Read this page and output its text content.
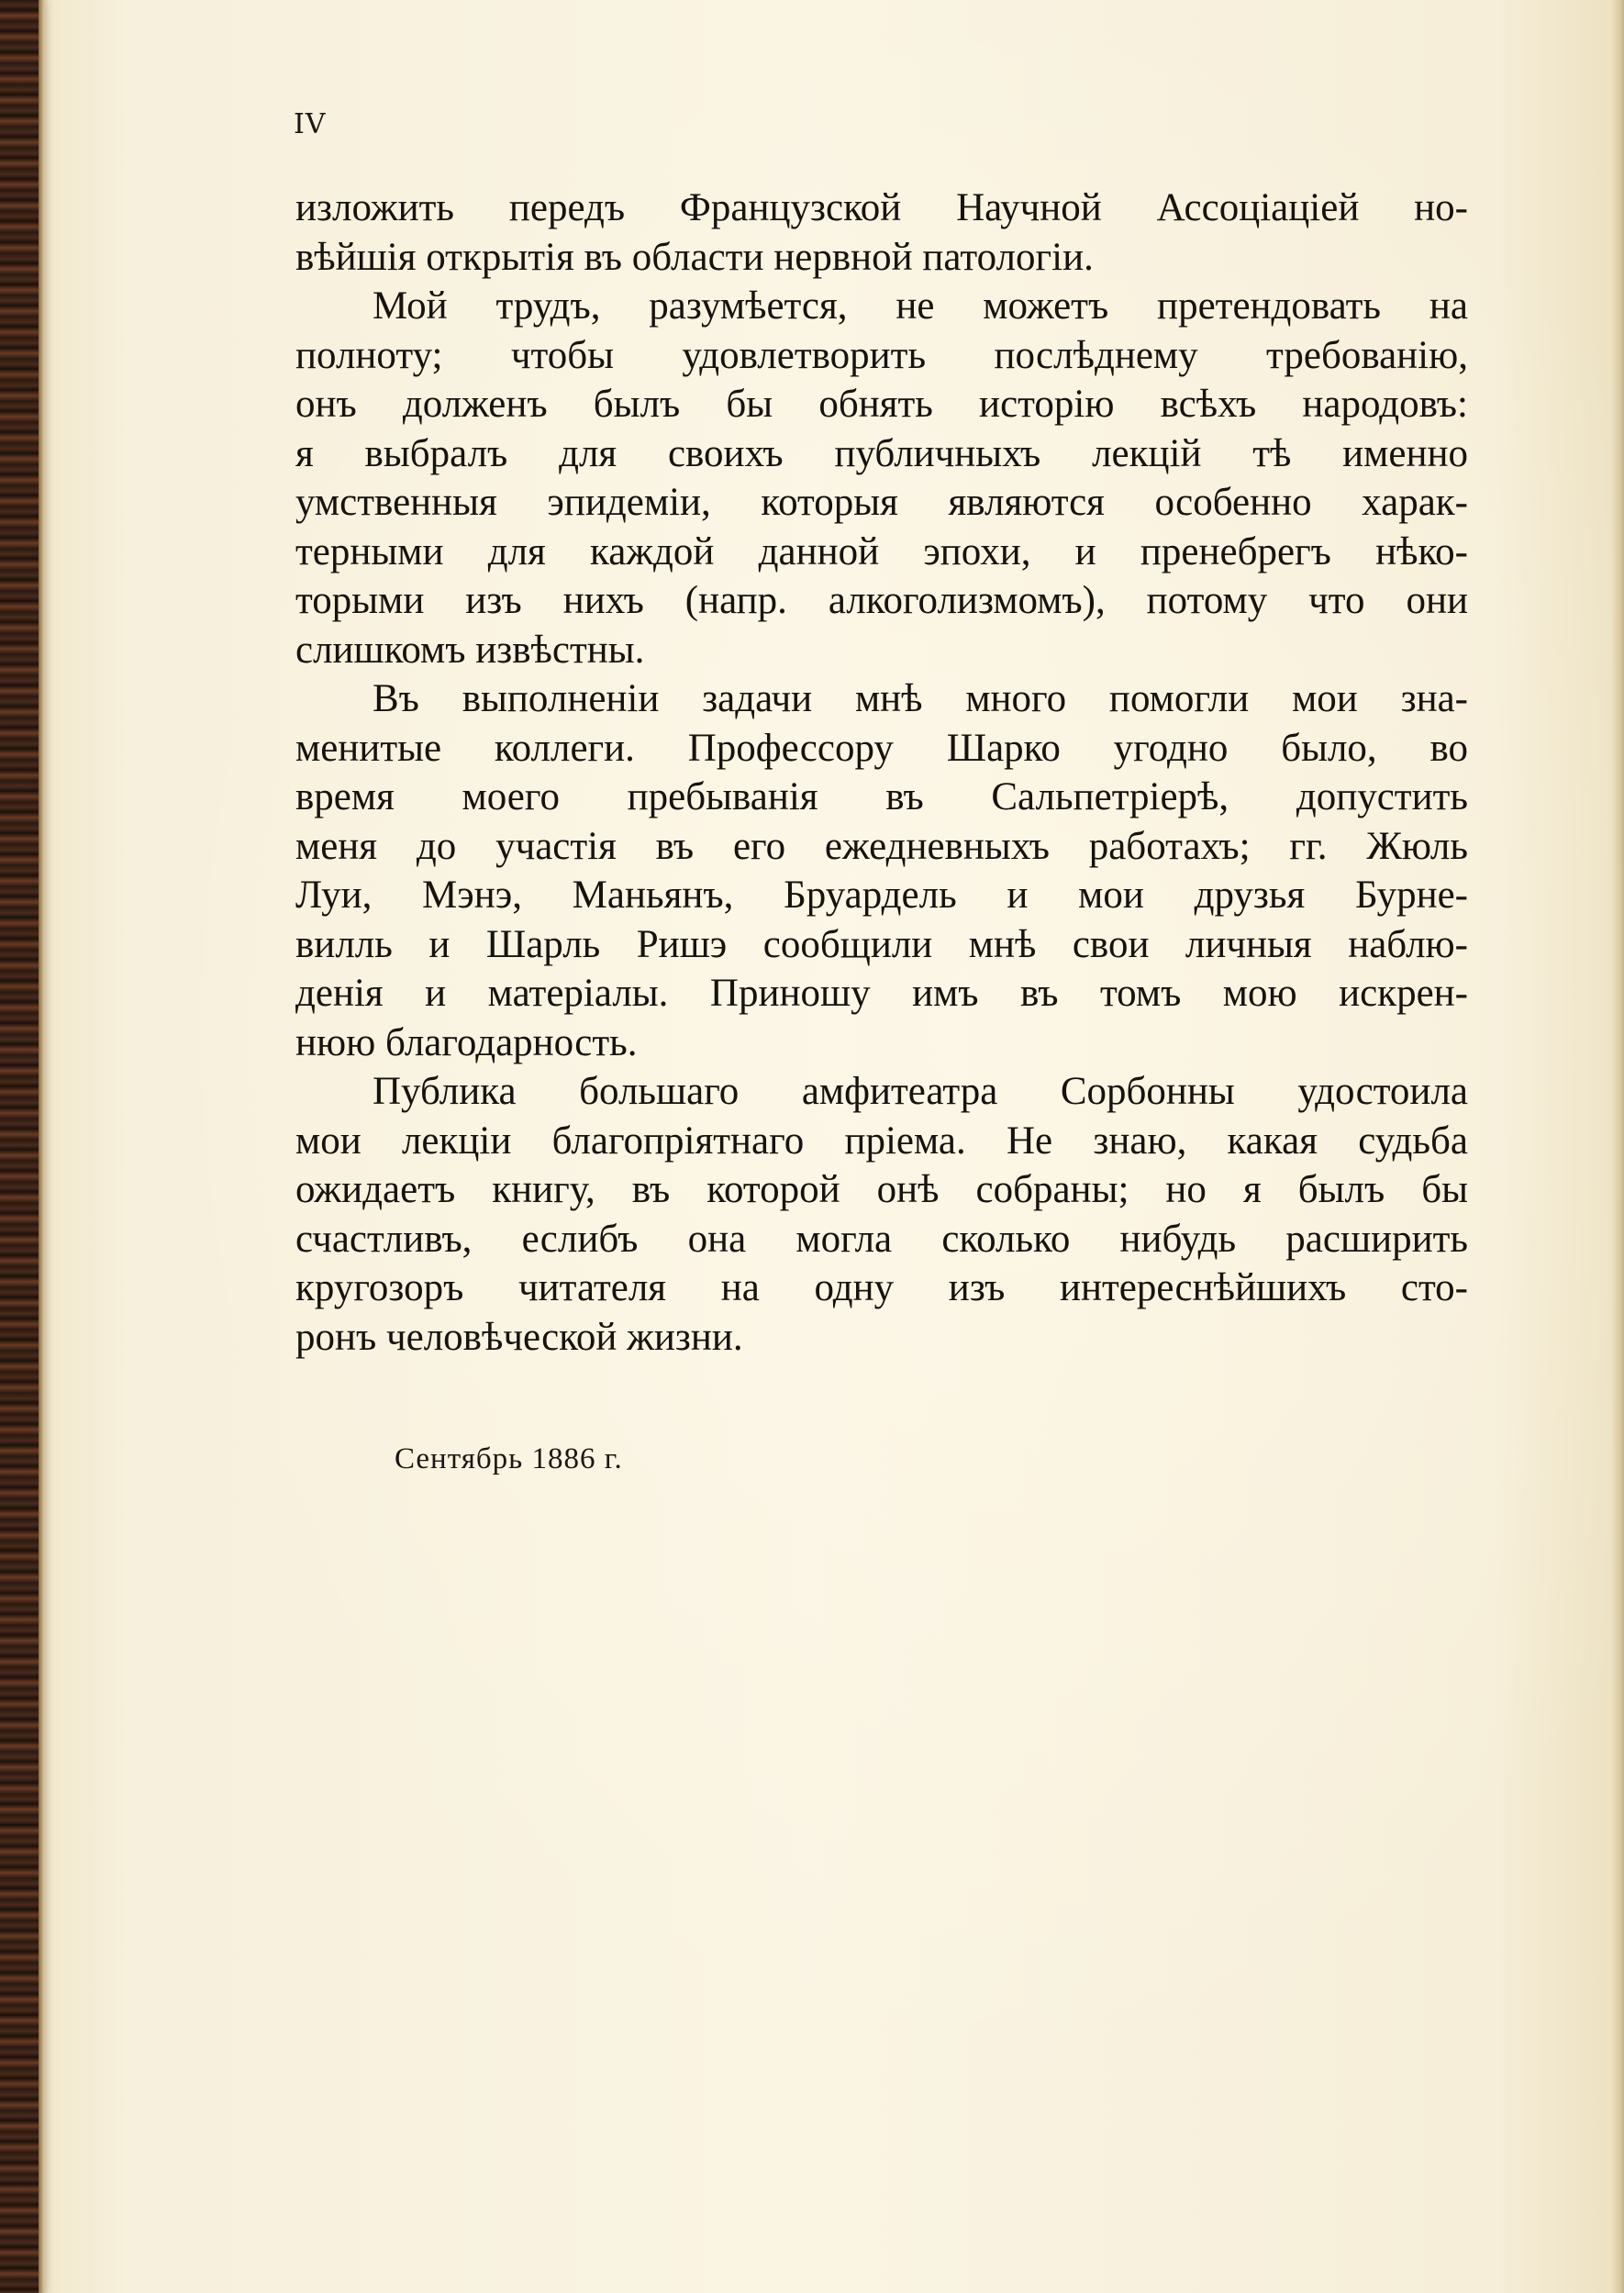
IV

изложить передъ Французской Научной Ассоціаціей но-
вѣйшія открытія въ области нервной патологіи.

Мой трудъ, разумѣется, не можетъ претендовать на
полноту; чтобы удовлетворить послѣднему требованію,
онъ долженъ былъ бы обнять исторію всѣхъ народовъ:
я выбралъ для своихъ публичныхъ лекцій тѣ именно
умственныя эпидеміи, которыя являются особенно харак-
терными для каждой данной эпохи, и пренебрегъ нѣко-
торыми изъ нихъ (напр. алкоголизмомъ), потому что они
слишкомъ извѣстны.

Въ выполненіи задачи мнѣ много помогли мои зна-
менитые коллеги. Профессору Шарко угодно было, во
время моего пребыванія въ Сальпетріерѣ, допустить
меня до участія въ его ежедневныхъ работахъ; гг. Жюль
Луи, Мэнэ, Маньянъ, Бруардель и мои друзья Бурне-
вилль и Шарль Ришэ сообщили мнѣ свои личныя наблю-
денія и матеріалы. Приношу имъ въ томъ мою искрен-
нюю благодарность.

Публика большаго амфитеатра Сорбонны удостоила
мои лекціи благопріятнаго пріема. Не знаю, какая судьба
ожидаетъ книгу, въ которой онѣ собраны; но я былъ бы
счастливъ, еслибъ она могла сколько нибудь расширить
кругозоръ читателя на одну изъ интереснѣйшихъ сто-
ронъ человѣческой жизни.

Сентябрь 1886 г.
